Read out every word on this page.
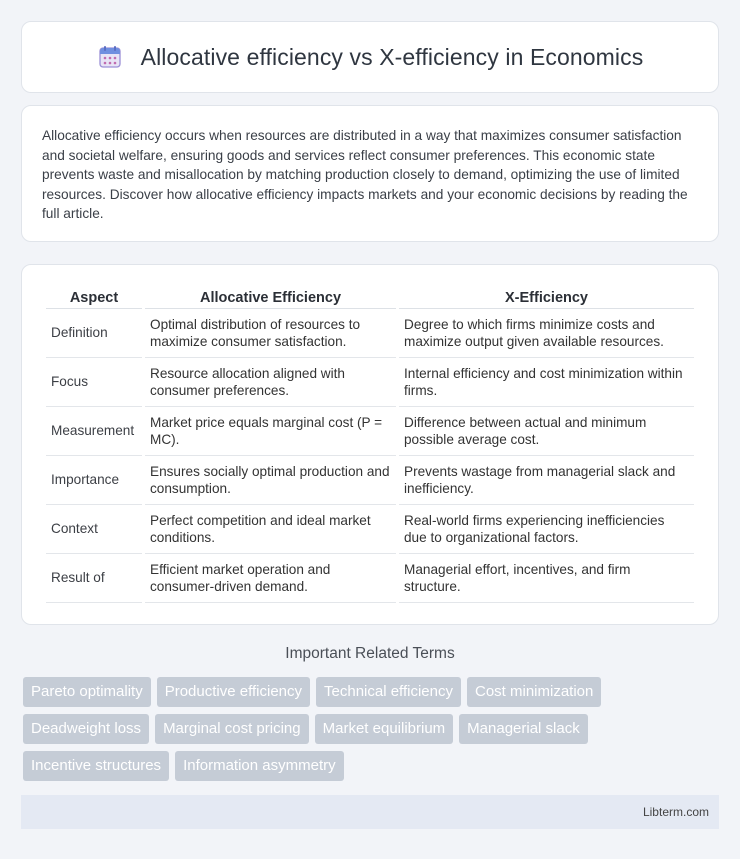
Allocative efficiency vs X-efficiency in Economics

Allocative efficiency occurs when resources are distributed in a way that maximizes consumer satisfaction and societal welfare, ensuring goods and services reflect consumer preferences. This economic state prevents waste and misallocation by matching production closely to demand, optimizing the use of limited resources. Discover how allocative efficiency impacts markets and your economic decisions by reading the full article.

Aspect	Allocative Efficiency	X-Efficiency
Definition	Optimal distribution of resources to maximize consumer satisfaction.	Degree to which firms minimize costs and maximize output given available resources.
Focus	Resource allocation aligned with consumer preferences.	Internal efficiency and cost minimization within firms.
Measurement	Market price equals marginal cost (P = MC).	Difference between actual and minimum possible average cost.
Importance	Ensures socially optimal production and consumption.	Prevents wastage from managerial slack and inefficiency.
Context	Perfect competition and ideal market conditions.	Real-world firms experiencing inefficiencies due to organizational factors.
Result of	Efficient market operation and consumer-driven demand.	Managerial effort, incentives, and firm structure.
Important Related Terms
Pareto optimality	Productive efficiency	Technical efficiency	Cost minimization
Deadweight loss	Marginal cost pricing	Market equilibrium	Managerial slack
Incentive structures	Information asymmetry
Libterm.com
